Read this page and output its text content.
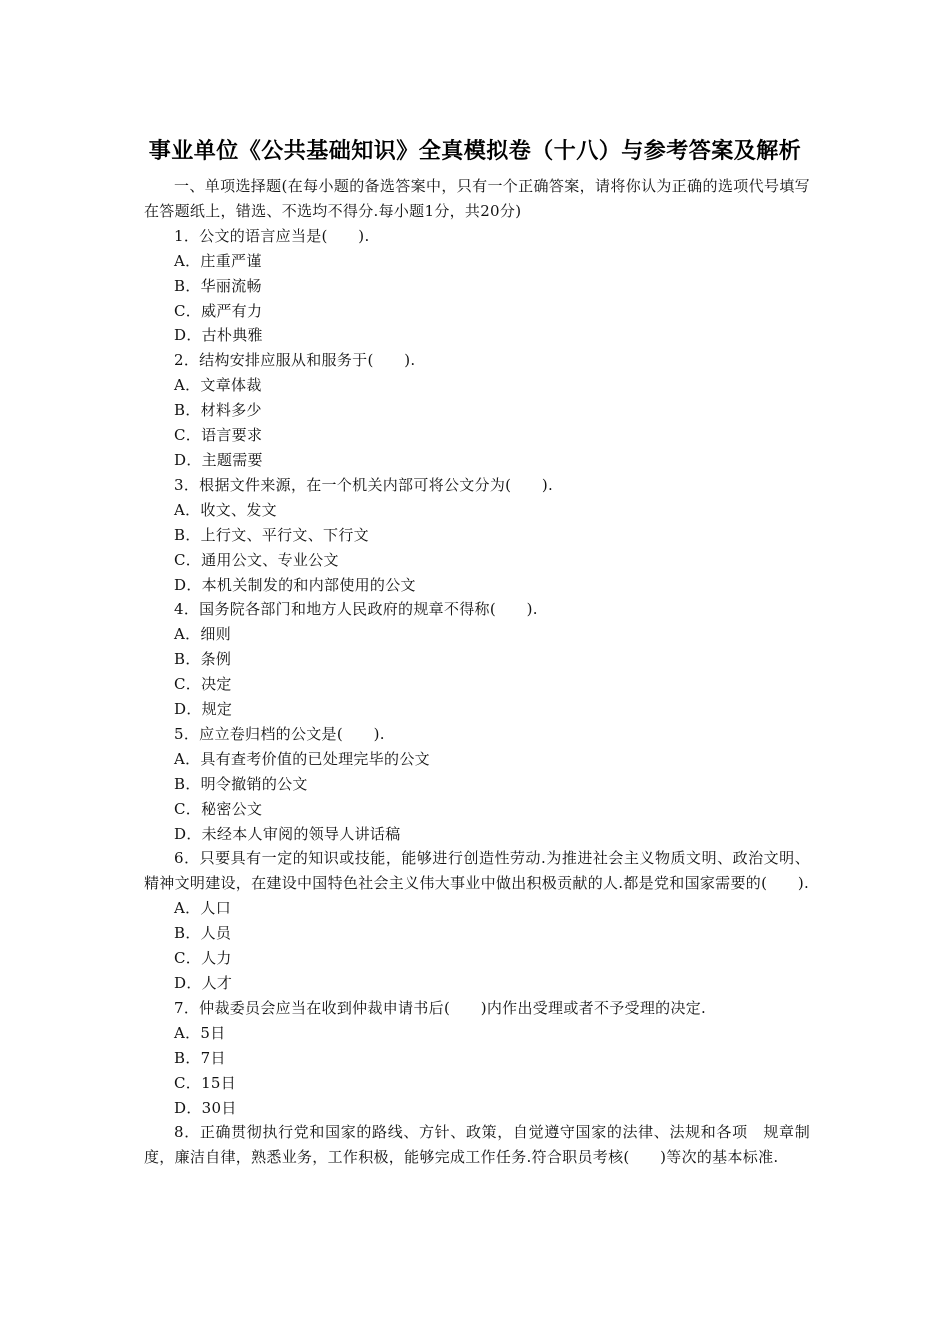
事业单位《公共基础知识》全真模拟卷（十八）与参考答案及解析

一、单项选择题(在每小题的备选答案中，只有一个正确答案，请将你认为正确的选项代号填写在答题纸上，错选、不选均不得分.每小题1分，共20分)

1．公文的语言应当是(　　).

A．庄重严谨

B．华丽流畅

C．威严有力

D．古朴典雅

2．结构安排应服从和服务于(　　).

A．文章体裁

B．材料多少

C．语言要求

D．主题需要

3．根据文件来源，在一个机关内部可将公文分为(　　).

A．收文、发文

B．上行文、平行文、下行文

C．通用公文、专业公文

D．本机关制发的和内部使用的公文

4．国务院各部门和地方人民政府的规章不得称(　　).

A．细则

B．条例

C．决定

D．规定

5．应立卷归档的公文是(　　).

A．具有查考价值的已处理完毕的公文

B．明令撤销的公文

C．秘密公文

D．未经本人审阅的领导人讲话稿

6．只要具有一定的知识或技能，能够进行创造性劳动.为推进社会主义物质文明、政治文明、精神文明建设，在建设中国特色社会主义伟大事业中做出积极贡献的人.都是党和国家需要的(　　).

A．人口

B．人员

C．人力

D．人才

7．仲裁委员会应当在收到仲裁申请书后(　　)内作出受理或者不予受理的决定.

A．5日

B．7日

C．15日

D．30日

8．正确贯彻执行党和国家的路线、方针、政策，自觉遵守国家的法律、法规和各项　规章制度，廉洁自律，熟悉业务，工作积极，能够完成工作任务.符合职员考核(　　)等次的基本标准.
